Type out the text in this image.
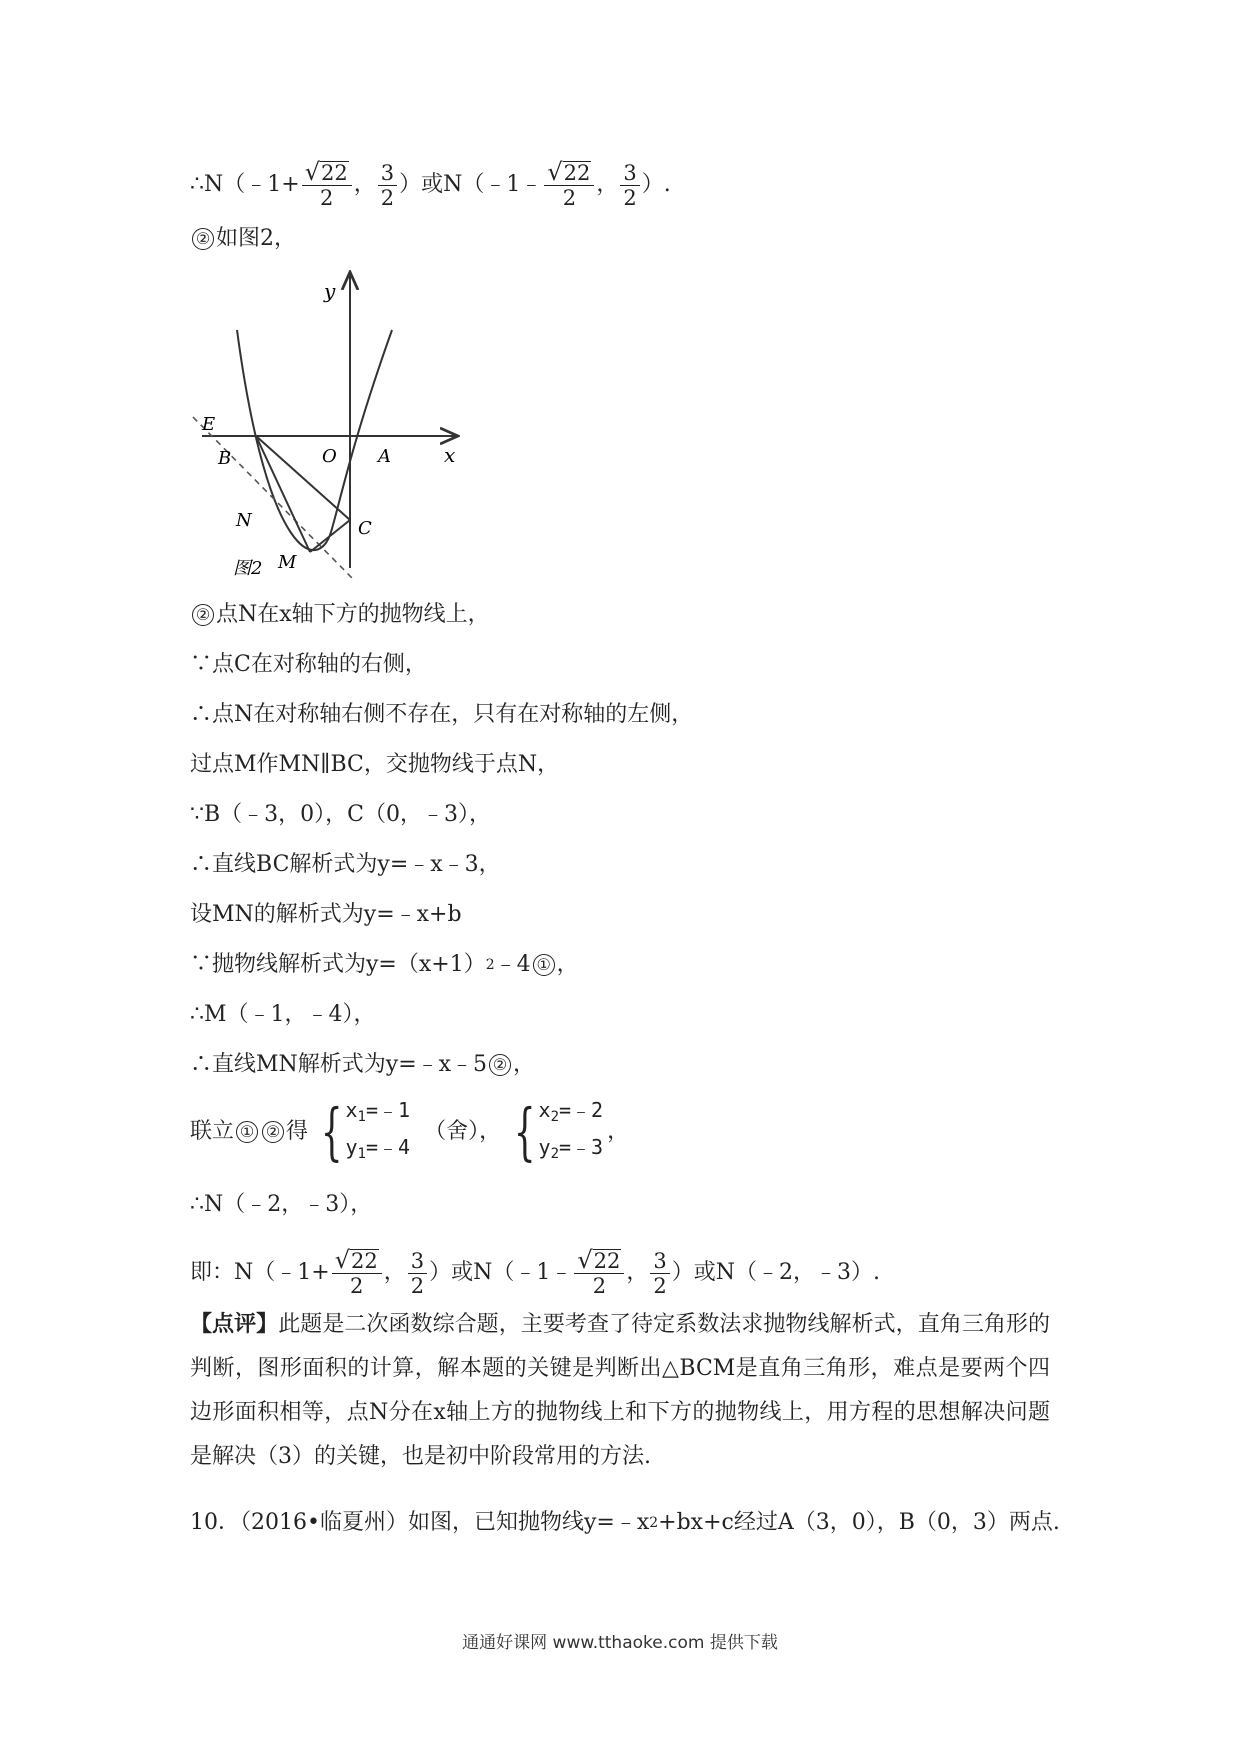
∴N（﹣1+ $\frac{√ 22}{2}$ ， $\frac{3}{2}$ ）或N（﹣1﹣ $\frac{√ 22}{2}$ ， $\frac{3}{2}$ ）.
② 如图2，
y
x
E
B	O A
N	C
M
图2
② 点N在x轴下方的抛物线上，
∵点C在对称轴的右侧，
∴点N在对称轴右侧不存在，只有在对称轴的左侧，
过点M作MN∥BC，交抛物线于点N，
∵B（﹣3，0），C（0，﹣3），
∴直线BC解析式为y=﹣x﹣3，
设MN的解析式为y=﹣x+b
∵抛物线解析式为y=（x+1） 2 ﹣4 ① ，
∴M（﹣1，﹣4），
∴直线MN解析式为y=﹣x﹣5 ② ，
联立 ① ② 得 { $x_1=﹣1$
$y_1=﹣4$
（舍）， { $x_2=﹣2$
$y_2=﹣3$
，
∴N（﹣2，﹣3），
即：N（﹣1+ $\frac{√ 22}{2}$ ， $\frac{3}{2}$ ）或N（﹣1﹣ $\frac{√ 22}{2}$ ， $\frac{3}{2}$ ）或N（﹣2，﹣3）.
【点评】此题是二次函数综合题，主要考查了待定系数法求抛物线解析式，直角三角形的判断，图形面积的计算，解本题的关键是判断出△BCM是直角三角形，难点是要两个四边形面积相等，点N分在x轴上方的抛物线上和下方的抛物线上，用方程的思想解决问题是解决（3）的关键，也是初中阶段常用的方法.
10．（2016•临夏州）如图，已知抛物线y=﹣x 2 +bx+c经过A（3，0），B（0，3）两点.
通通好课网 www.tthaoke.com 提供下载
